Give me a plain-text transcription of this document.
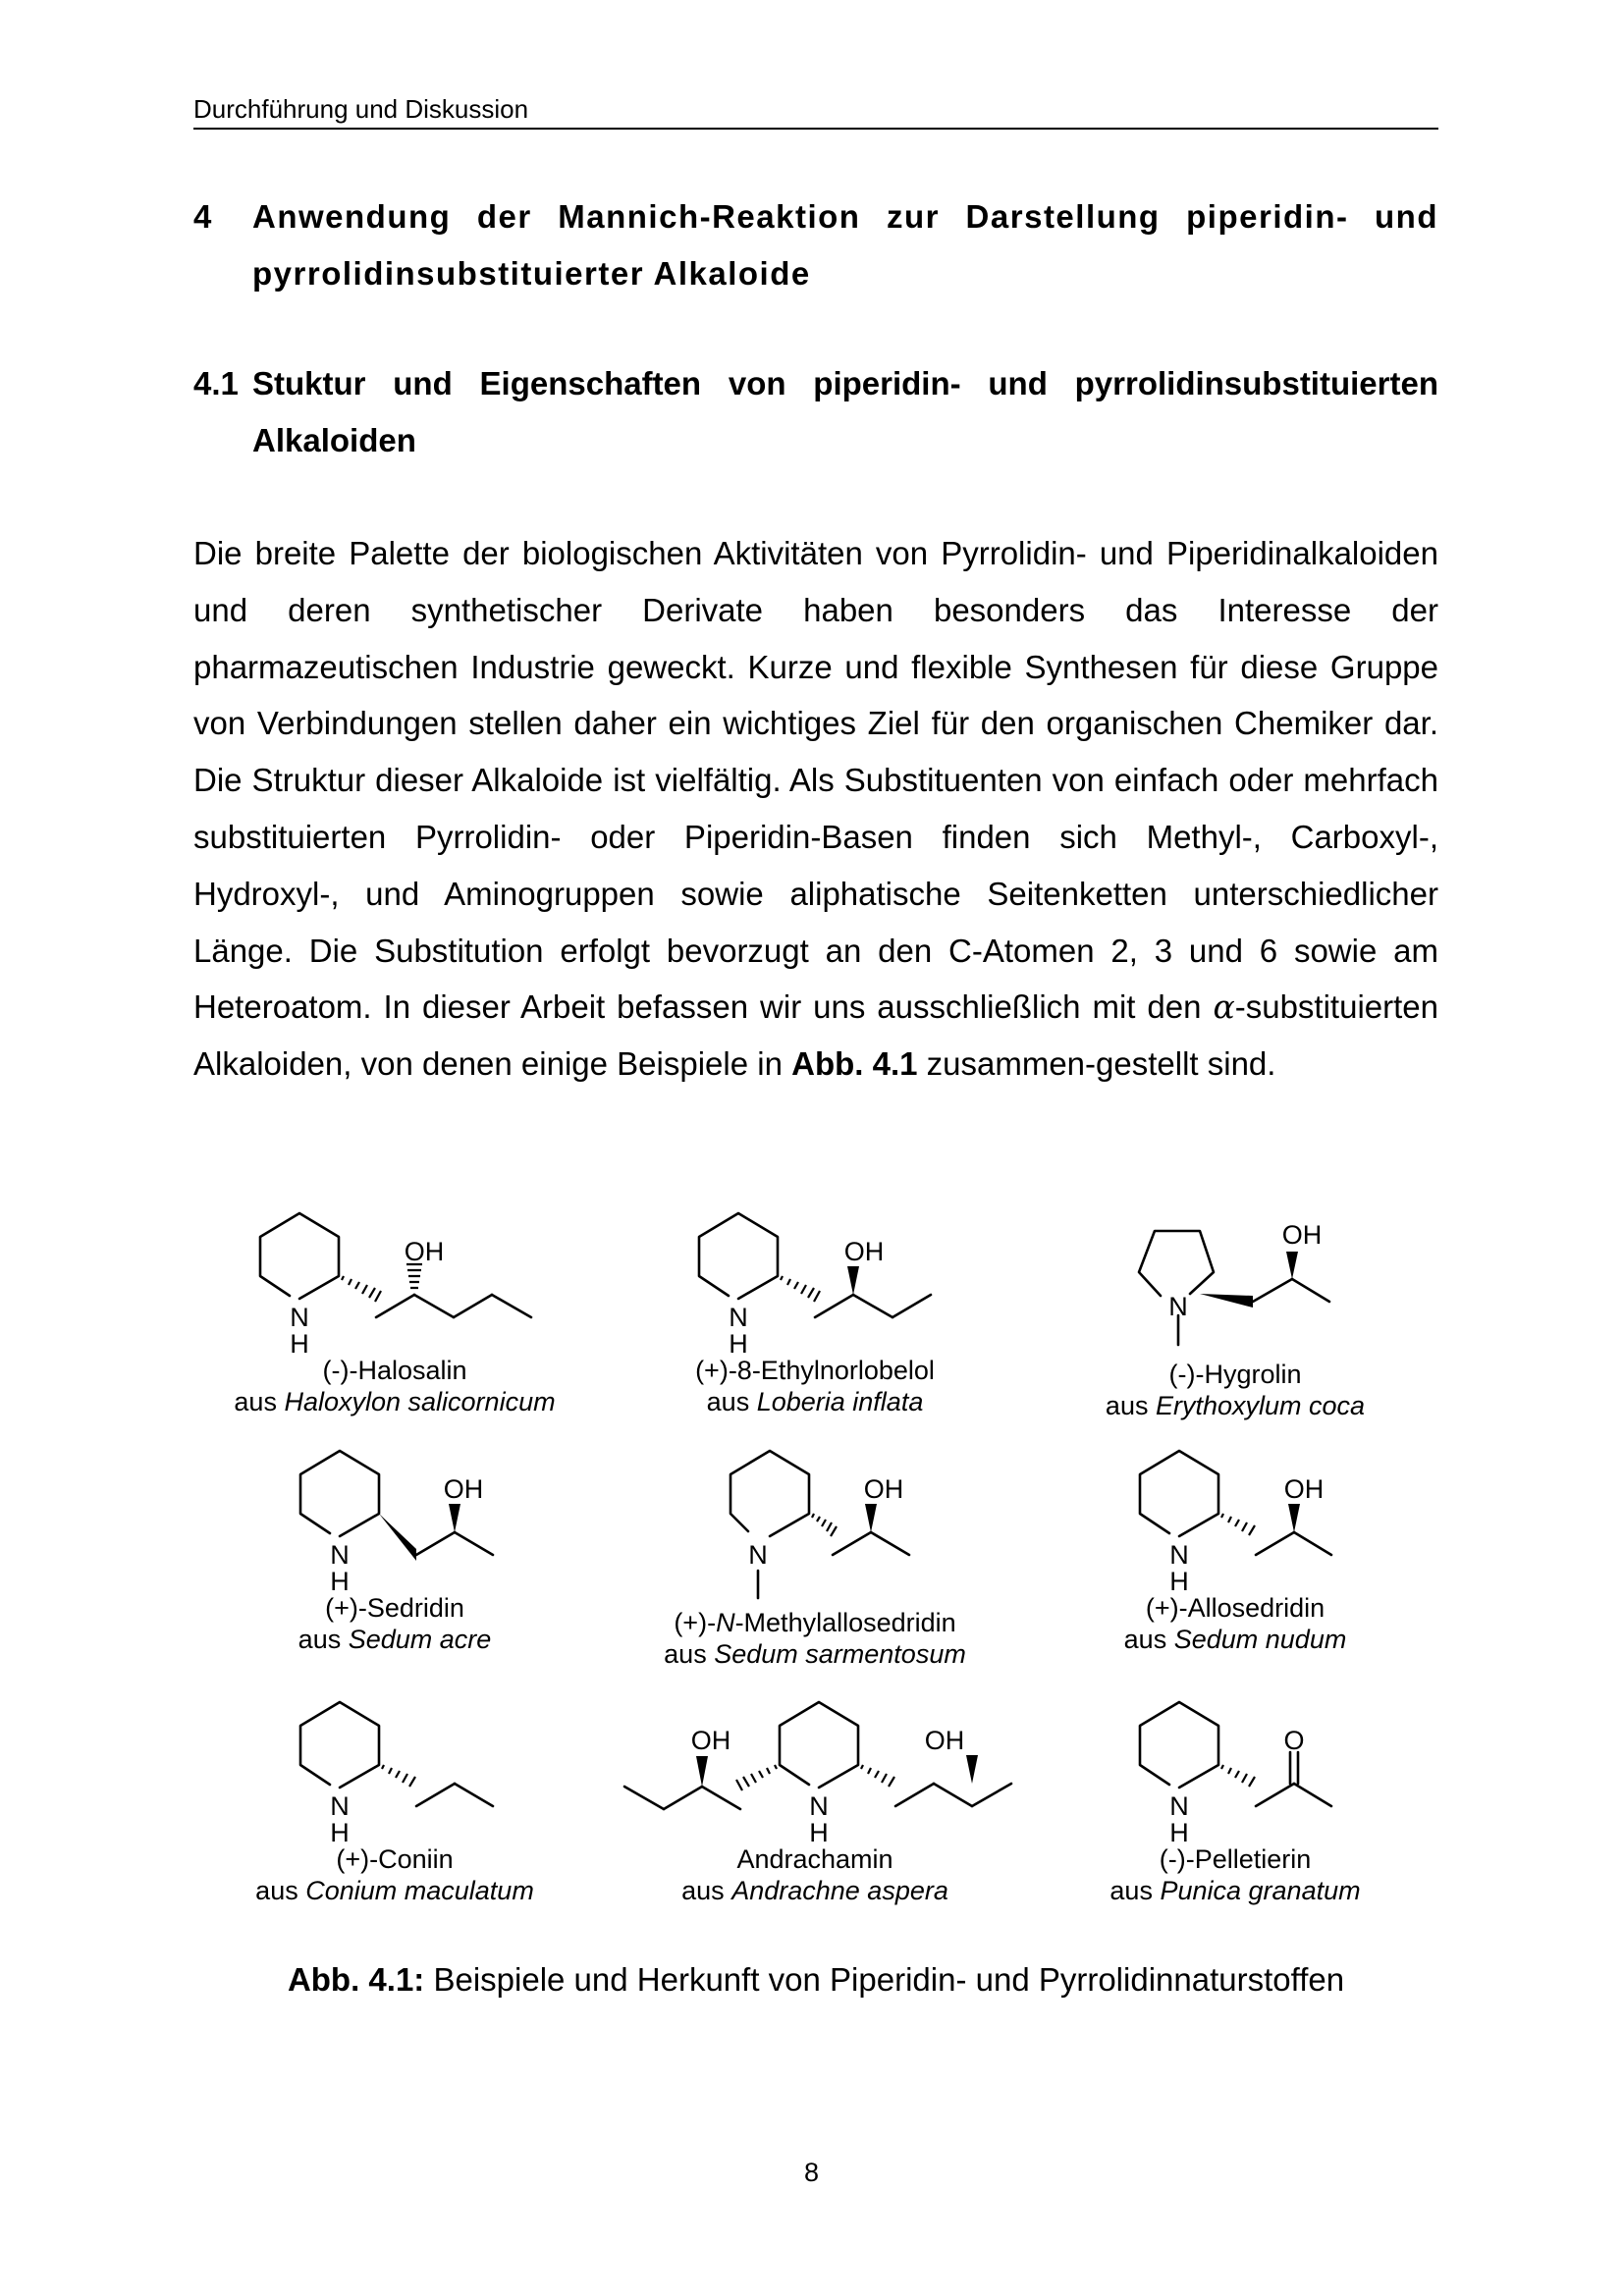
Durchführung und Diskussion
4 Anwendung der Mannich-Reaktion zur Darstellung piperidin- und pyrrolidinsubstituierter Alkaloide
4.1 Stuktur und Eigenschaften von piperidin- und pyrrolidinsubstituierten Alkaloiden
Die breite Palette der biologischen Aktivitäten von Pyrrolidin- und Piperidinalkaloiden und deren synthetischer Derivate haben besonders das Interesse der pharmazeutischen Industrie geweckt. Kurze und flexible Synthesen für diese Gruppe von Verbindungen stellen daher ein wichtiges Ziel für den organischen Chemiker dar. Die Struktur dieser Alkaloide ist vielfältig. Als Substituenten von einfach oder mehrfach substituierten Pyrrolidin- oder Piperidin-Basen finden sich Methyl-, Carboxyl-, Hydroxyl-, und Aminogruppen sowie aliphatische Seitenketten unterschiedlicher Länge. Die Substitution erfolgt bevorzugt an den C-Atomen 2, 3 und 6 sowie am Heteroatom. In dieser Arbeit befassen wir uns ausschließlich mit den α-substituierten Alkaloiden, von denen einige Beispiele in Abb. 4.1 zusammen-gestellt sind.
N
H
OH
N
H
OH
N
OH
N
H
OH
N
OH
N
H
OH
N
H
N
H
OH	OH
N
H
O
(-)-Halosalin
aus Haloxylon salicornicum
(+)-8-Ethylnorlobelol
aus Loberia inflata
(-)-Hygrolin
aus Erythoxylum coca
(+)-Sedridin
aus Sedum acre
(+)-N-Methylallosedridin
aus Sedum sarmentosum
(+)-Allosedridin
aus Sedum nudum
(+)-Coniin
aus Conium maculatum
Andrachamin
aus Andrachne aspera
(-)-Pelletierin
aus Punica granatum
Abb. 4.1: Beispiele und Herkunft von Piperidin- und Pyrrolidinnaturstoffen
8
